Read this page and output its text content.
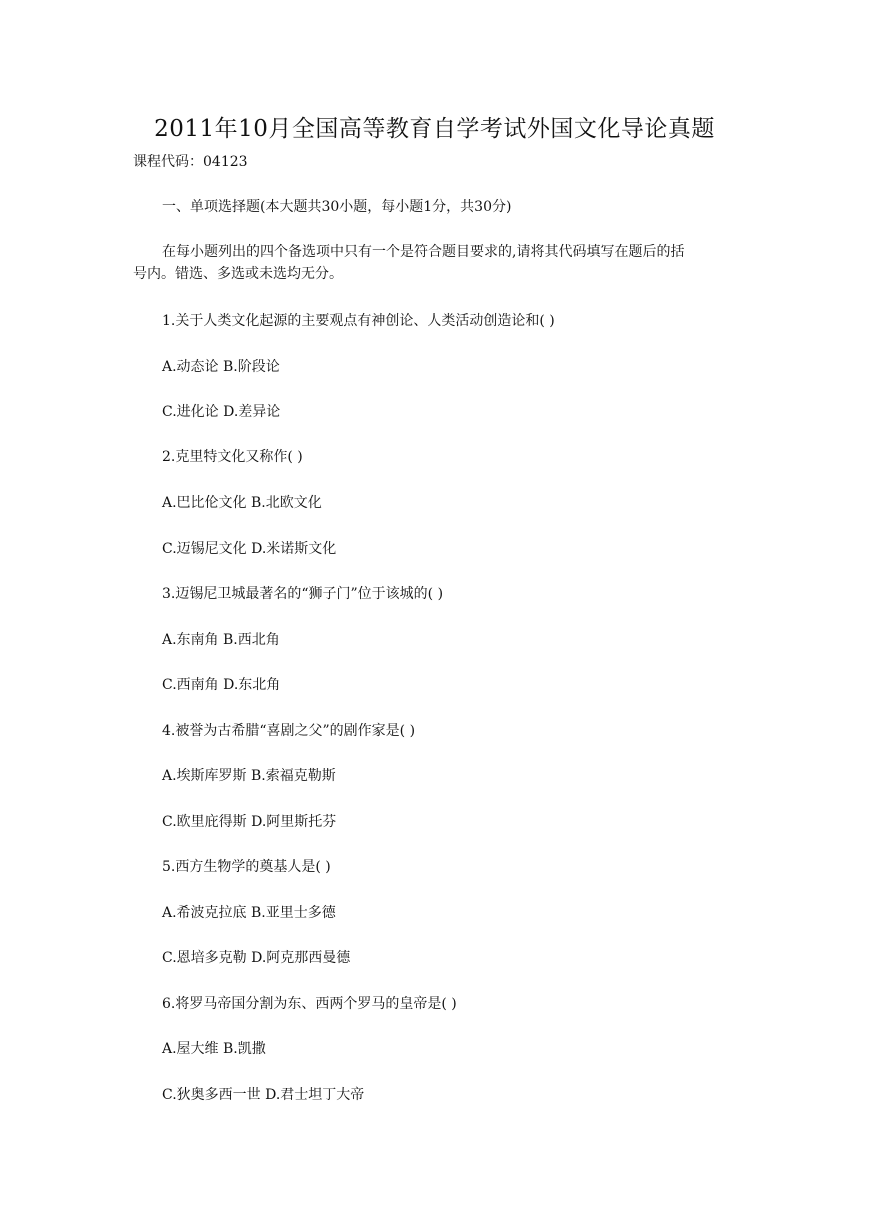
2011年10月全国高等教育自学考试外国文化导论真题

课程代码：04123

一、单项选择题(本大题共30小题，每小题1分，共30分)

在每小题列出的四个备选项中只有一个是符合题目要求的,请将其代码填写在题后的括

号内。错选、多选或未选均无分。

1.关于人类文化起源的主要观点有神创论、人类活动创造论和( )

A.动态论 B.阶段论

C.进化论 D.差异论

2.克里特文化又称作( )

A.巴比伦文化 B.北欧文化

C.迈锡尼文化 D.米诺斯文化

3.迈锡尼卫城最著名的“狮子门”位于该城的( )

A.东南角 B.西北角

C.西南角 D.东北角

4.被誉为古希腊“喜剧之父”的剧作家是( )

A.埃斯库罗斯 B.索福克勒斯

C.欧里庇得斯 D.阿里斯托芬

5.西方生物学的奠基人是( )

A.希波克拉底 B.亚里士多德

C.恩培多克勒 D.阿克那西曼德

6.将罗马帝国分割为东、西两个罗马的皇帝是( )

A.屋大维 B.凯撒

C.狄奥多西一世 D.君士坦丁大帝
